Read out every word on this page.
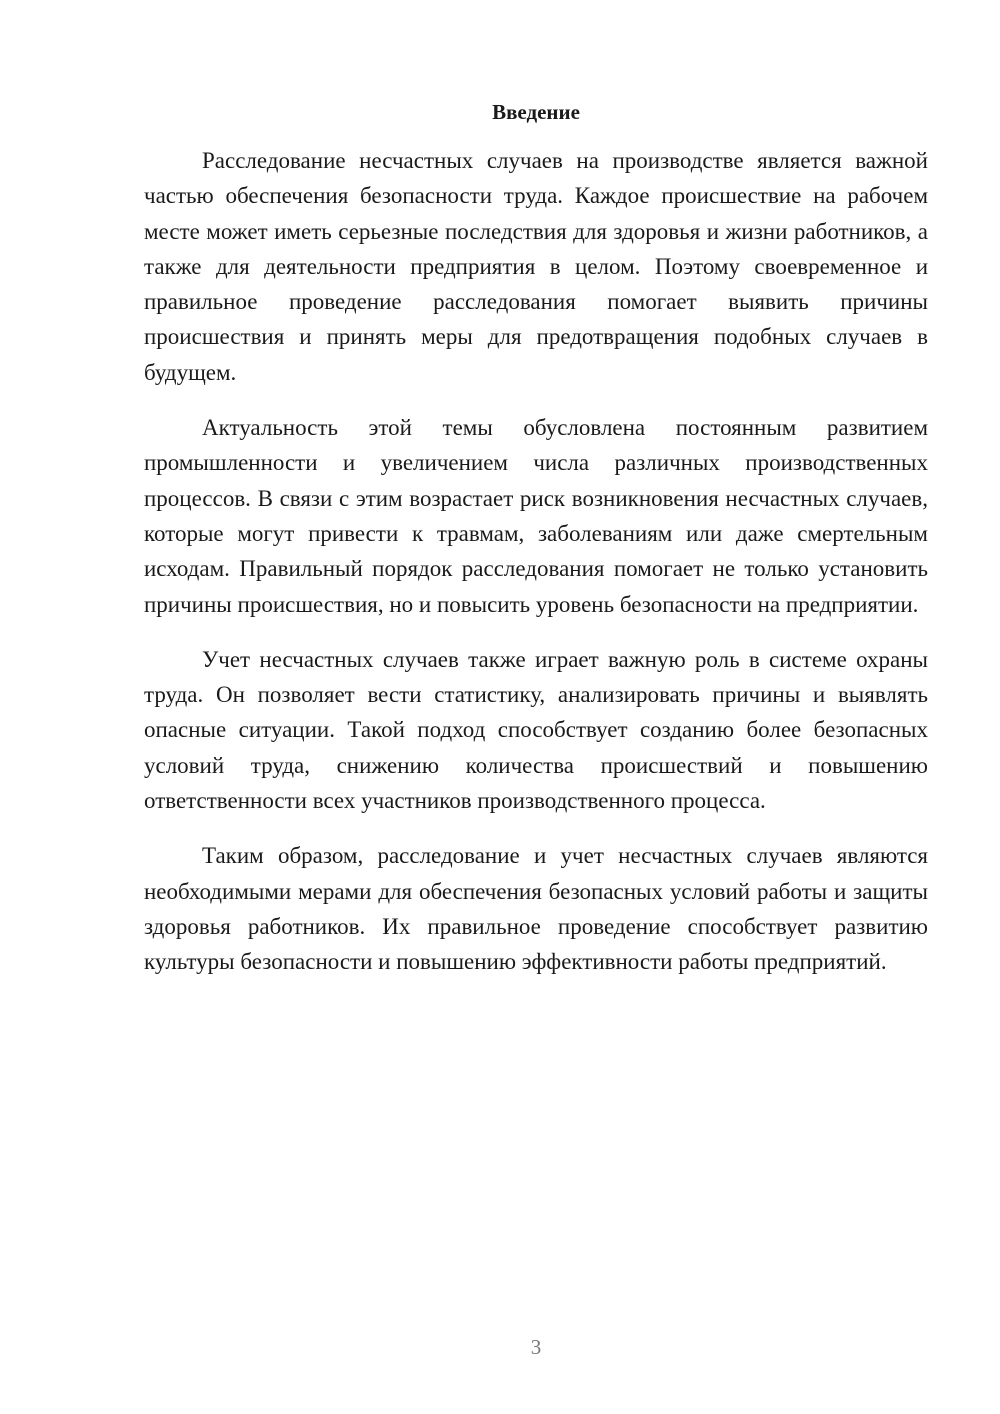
Введение

Расследование несчастных случаев на производстве является важной частью обеспечения безопасности труда. Каждое происшествие на рабочем месте может иметь серьезные последствия для здоровья и жизни работников, а также для деятельности предприятия в целом. Поэтому своевременное и правильное проведение расследования помогает выявить причины происшествия и принять меры для предотвращения подобных случаев в будущем.

Актуальность этой темы обусловлена постоянным развитием промышленности и увеличением числа различных производственных процессов. В связи с этим возрастает риск возникновения несчастных случаев, которые могут привести к травмам, заболеваниям или даже смертельным исходам. Правильный порядок расследования помогает не только установить причины происшествия, но и повысить уровень безопасности на предприятии.

Учет несчастных случаев также играет важную роль в системе охраны труда. Он позволяет вести статистику, анализировать причины и выявлять опасные ситуации. Такой подход способствует созданию более безопасных условий труда, снижению количества происшествий и повышению ответственности всех участников производственного процесса.

Таким образом, расследование и учет несчастных случаев являются необходимыми мерами для обеспечения безопасных условий работы и защиты здоровья работников. Их правильное проведение способствует развитию культуры безопасности и повышению эффективности работы предприятий.

3
